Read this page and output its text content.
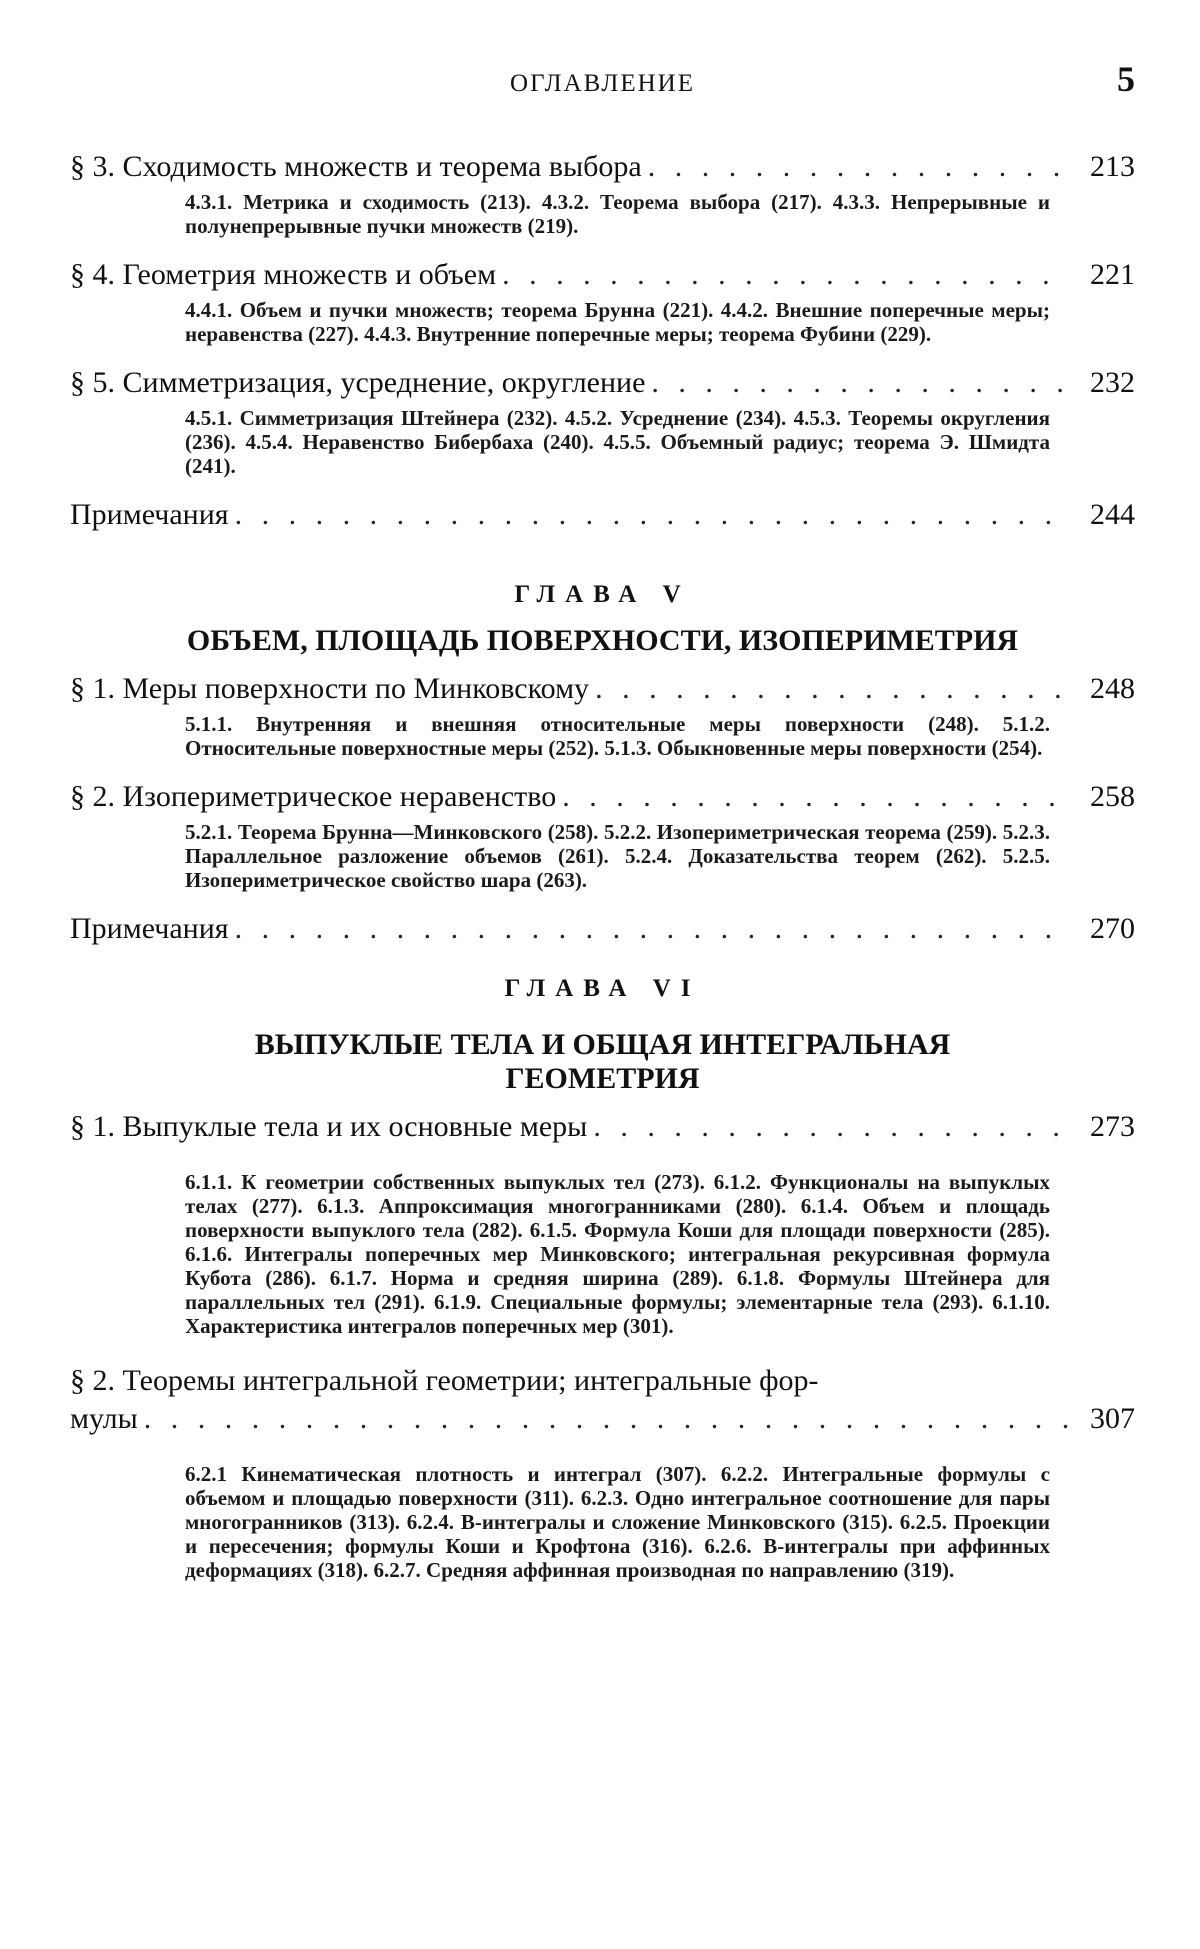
ОГЛАВЛЕНИЕ	5
§ 3. Сходимость множеств и теорема выбора . . .	213
4.3.1. Метрика и сходимость (213). 4.3.2. Теорема выбора (217). 4.3.3. Непрерывные и полунепрерывные пучки множеств (219).
§ 4. Геометрия множеств и объем . . .	221
4.4.1. Объем и пучки множеств; теорема Брунна (221). 4.4.2. Внешние поперечные меры; неравенства (227). 4.4.3. Внутренние поперечные меры; теорема Фубини (229).
§ 5. Симметризация, усреднение, округление . . .	232
4.5.1. Симметризация Штейнера (232). 4.5.2. Усреднение (234). 4.5.3. Теоремы округления (236). 4.5.4. Неравенство Бибербаха (240). 4.5.5. Объемный радиус; теорема Э. Шмидта (241).
Примечания . . .	244
ГЛАВА V
ОБЪЕМ, ПЛОЩАДЬ ПОВЕРХНОСТИ, ИЗОПЕРИМЕТРИЯ
§ 1. Меры поверхности по Минковскому . . .	248
5.1.1. Внутренняя и внешняя относительные меры поверхности (248). 5.1.2. Относительные поверхностные меры (252). 5.1.3. Обыкновенные меры поверхности (254).
§ 2. Изопериметрическое неравенство . . .	258
5.2.1. Теорема Брунна—Минковского (258). 5.2.2. Изопериметрическая теорема (259). 5.2.3. Параллельное разложение объемов (261). 5.2.4. Доказательства теорем (262). 5.2.5. Изопериметрическое свойство шара (263).
Примечания . . .	270
ГЛАВА VI
ВЫПУКЛЫЕ ТЕЛА И ОБЩАЯ ИНТЕГРАЛЬНАЯ ГЕОМЕТРИЯ
§ 1. Выпуклые тела и их основные меры . . .	273
6.1.1. К геометрии собственных выпуклых тел (273). 6.1.2. Функционалы на выпуклых телах (277). 6.1.3. Аппроксимация многогранниками (280). 6.1.4. Объем и площадь поверхности выпуклого тела (282). 6.1.5. Формула Коши для площади поверхности (285). 6.1.6. Интегралы поперечных мер Минковского; интегральная рекурсивная формула Кубота (286). 6.1.7. Норма и средняя ширина (289). 6.1.8. Формулы Штейнера для параллельных тел (291). 6.1.9. Специальные формулы; элементарные тела (293). 6.1.10. Характеристика интегралов поперечных мер (301).
§ 2. Теоремы интегральной геометрии; интегральные фор-
мулы . . .	307
6.2.1 Кинематическая плотность и интеграл (307). 6.2.2. Интегральные формулы с объемом и площадью поверхности (311). 6.2.3. Одно интегральное соотношение для пары многогранников (313). 6.2.4. B-интегралы и сложение Минковского (315). 6.2.5. Проекции и пересечения; формулы Коши и Крофтона (316). 6.2.6. B-интегралы при аффинных деформациях (318). 6.2.7. Средняя аффинная производная по направлению (319).
